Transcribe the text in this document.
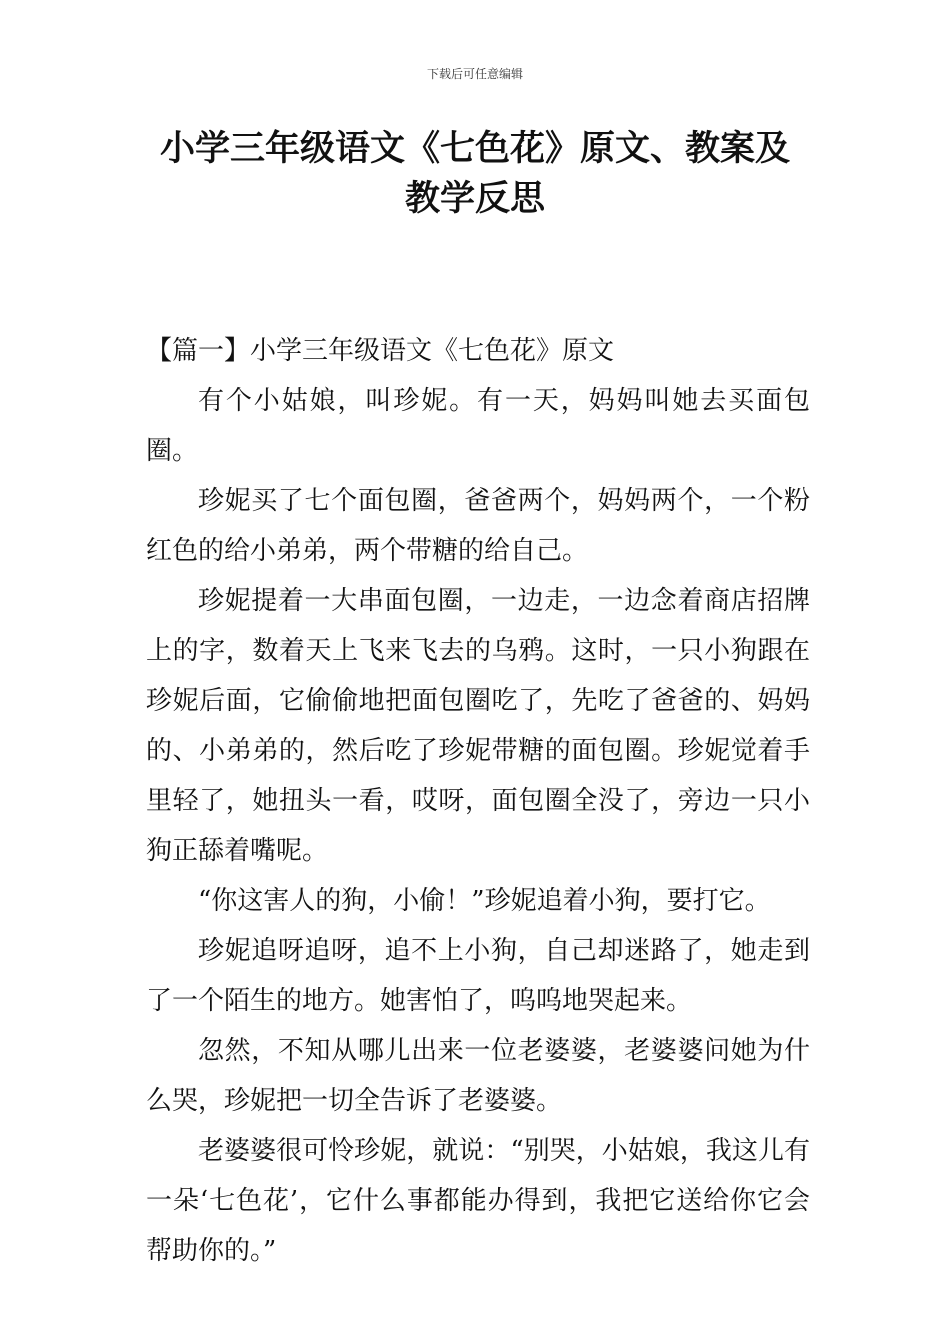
下载后可任意编辑
小学三年级语文《七色花》原文、教案及
教学反思

【篇一】小学三年级语文《七色花》原文

有个小姑娘，叫珍妮。有一天，妈妈叫她去买面包圈。

珍妮买了七个面包圈，爸爸两个，妈妈两个，一个粉红色的给小弟弟，两个带糖的给自己。

珍妮提着一大串面包圈，一边走，一边念着商店招牌上的字，数着天上飞来飞去的乌鸦。这时，一只小狗跟在珍妮后面，它偷偷地把面包圈吃了，先吃了爸爸的、妈妈的、小弟弟的，然后吃了珍妮带糖的面包圈。珍妮觉着手里轻了，她扭头一看，哎呀，面包圈全没了，旁边一只小狗正舔着嘴呢。

“你这害人的狗，小偷！”珍妮追着小狗，要打它。

珍妮追呀追呀，追不上小狗，自己却迷路了，她走到了一个陌生的地方。她害怕了，呜呜地哭起来。

忽然，不知从哪儿出来一位老婆婆，老婆婆问她为什么哭，珍妮把一切全告诉了老婆婆。

老婆婆很可怜珍妮，就说：“别哭，小姑娘，我这儿有一朵‘七色花’，它什么事都能办得到，我把它送给你它会帮助你的。”
